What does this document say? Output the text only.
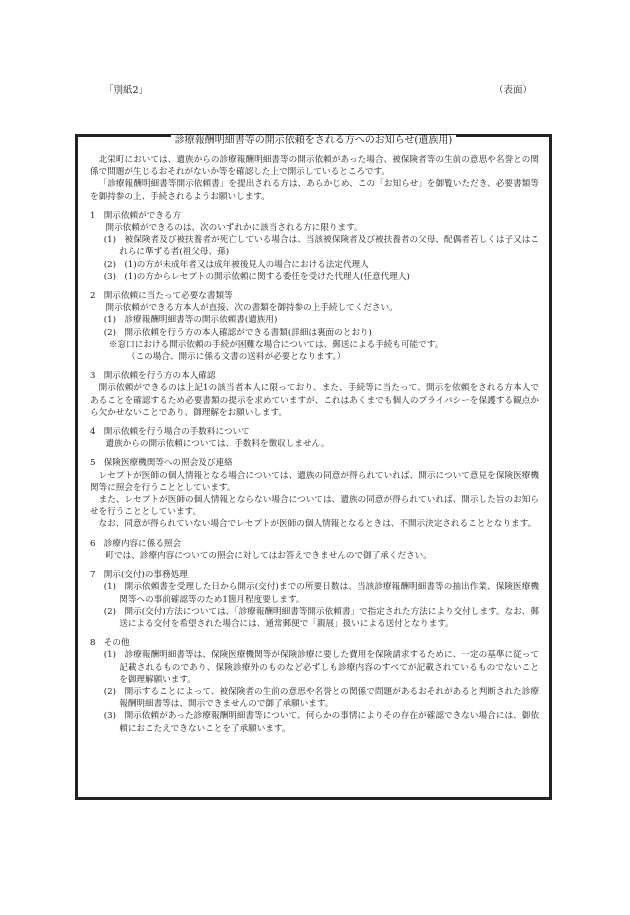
「別紙2」	（表面）
診療報酬明細書等の開示依頼をされる方へのお知らせ(遺族用)

北栄町においては、遺族からの診療報酬明細書等の開示依頼があった場合、被保険者等の生前の意思や名誉との関係で問題が生じるおそれがないか等を確認した上で開示しているところです。

「診療報酬明細書等開示依頼書」を提出される方は、あらかじめ、この「お知らせ」を御覧いただき、必要書類等を御持参の上、手続されるようお願いします。

1 開示依頼ができる方

開示依頼ができるのは、次のいずれかに該当される方に限ります。

(1)　被保険者及び被扶養者が死亡している場合は、当該被保険者及び被扶養者の父母、配偶者若しくは子又はこれらに準ずる者(祖父母、孫)

(2)　(1)の方が未成年者又は成年被後見人の場合における法定代理人

(3)　(1)の方からレセプトの開示依頼に関する委任を受けた代理人(任意代理人)

2 開示依頼に当たって必要な書類等

開示依頼ができる方本人が直接、次の書類を御持参の上手続してください。

(1)　診療報酬明細書等の開示依頼書(遺族用)

(2)　開示依頼を行う方の本人確認ができる書類(詳細は裏面のとおり)

※窓口における開示依頼の手続が困難な場合については、郵送による手続も可能です。

（この場合、開示に係る文書の送料が必要となります。）

3 開示依頼を行う方の本人確認

開示依頼ができるのは上記1の該当者本人に限っており、また、手続等に当たって、開示を依頼をされる方本人であることを確認するため必要書類の提示を求めていますが、これはあくまでも個人のプライバシーを保護する観点から欠かせないことであり、御理解をお願いします。

4 開示依頼を行う場合の手数料について

遺族からの開示依頼については、手数料を徴収しません。

5 保険医療機関等への照会及び連絡

レセプトが医師の個人情報となる場合については、遺族の同意が得られていれば、開示について意見を保険医療機関等に照会を行うこととしています。

また、レセプトが医師の個人情報とならない場合については、遺族の同意が得られていれば、開示した旨のお知らせを行うこととしています。

なお、同意が得られていない場合でレセプトが医師の個人情報となるときは、不開示決定されることとなります。

6 診療内容に係る照会

町では、診療内容についての照会に対してはお答えできませんので御了承ください。

7 開示(交付)の事務処理

(1)　開示依頼書を受理した日から開示(交付)までの所要日数は、当該診療報酬明細書等の抽出作業、保険医療機関等への事前確認等のため1箇月程度要します。

(2)　開示(交付)方法については、「診療報酬明細書等開示依頼書」で指定された方法により交付します。なお、郵送による交付を希望された場合には、通常郵便で「親展」扱いによる送付となります。

8 その他

(1)　診療報酬明細書等は、保険医療機関等が保険診療に要した費用を保険請求するために、一定の基準に従って記載されるものであり、保険診療外のものなど必ずしも診療内容のすべてが記載されているものでないことを御理解願います。

(2)　開示することによって、被保険者の生前の意思や名誉との関係で問題があるおそれがあると判断された診療報酬明細書等は、開示できませんので御了承願います。

(3)　開示依頼があった診療報酬明細書等について、何らかの事情によりその存在が確認できない場合には、御依頼におこたえできないことを了承願います。
